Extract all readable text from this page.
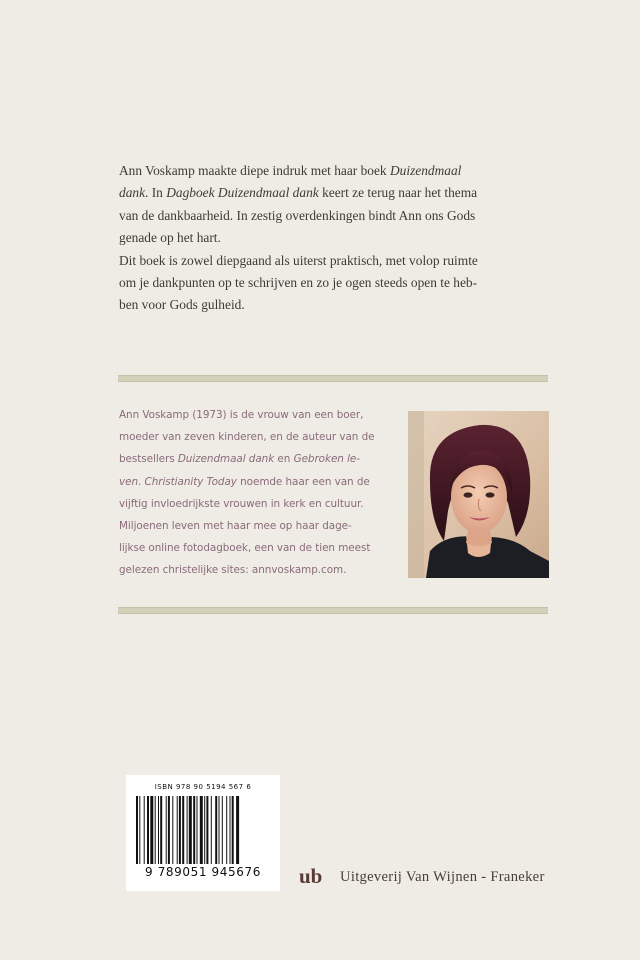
Ann Voskamp maakte diepe indruk met haar boek Duizendmaal
dank. In Dagboek Duizendmaal dank keert ze terug naar het thema
van de dankbaarheid. In zestig overdenkingen bindt Ann ons Gods
genade op het hart.

Dit boek is zowel diepgaand als uiterst praktisch, met volop ruimte
om je dankpunten op te schrijven en zo je ogen steeds open te heb-
ben voor Gods gulheid.

Ann Voskamp (1973) is de vrouw van een boer,
moeder van zeven kinderen, en de auteur van de
bestsellers Duizendmaal dank en Gebroken le-
ven. Christianity Today noemde haar een van de
vijftig invloedrijkste vrouwen in kerk en cultuur.
Miljoenen leven met haar mee op haar dage-
lijkse online fotodagboek, een van de tien meest
gelezen christelijke sites: annvoskamp.com.
ISBN 978 90 5194 567 6
9 789051 945676	ub Uitgeverij Van Wijnen - Franeker
